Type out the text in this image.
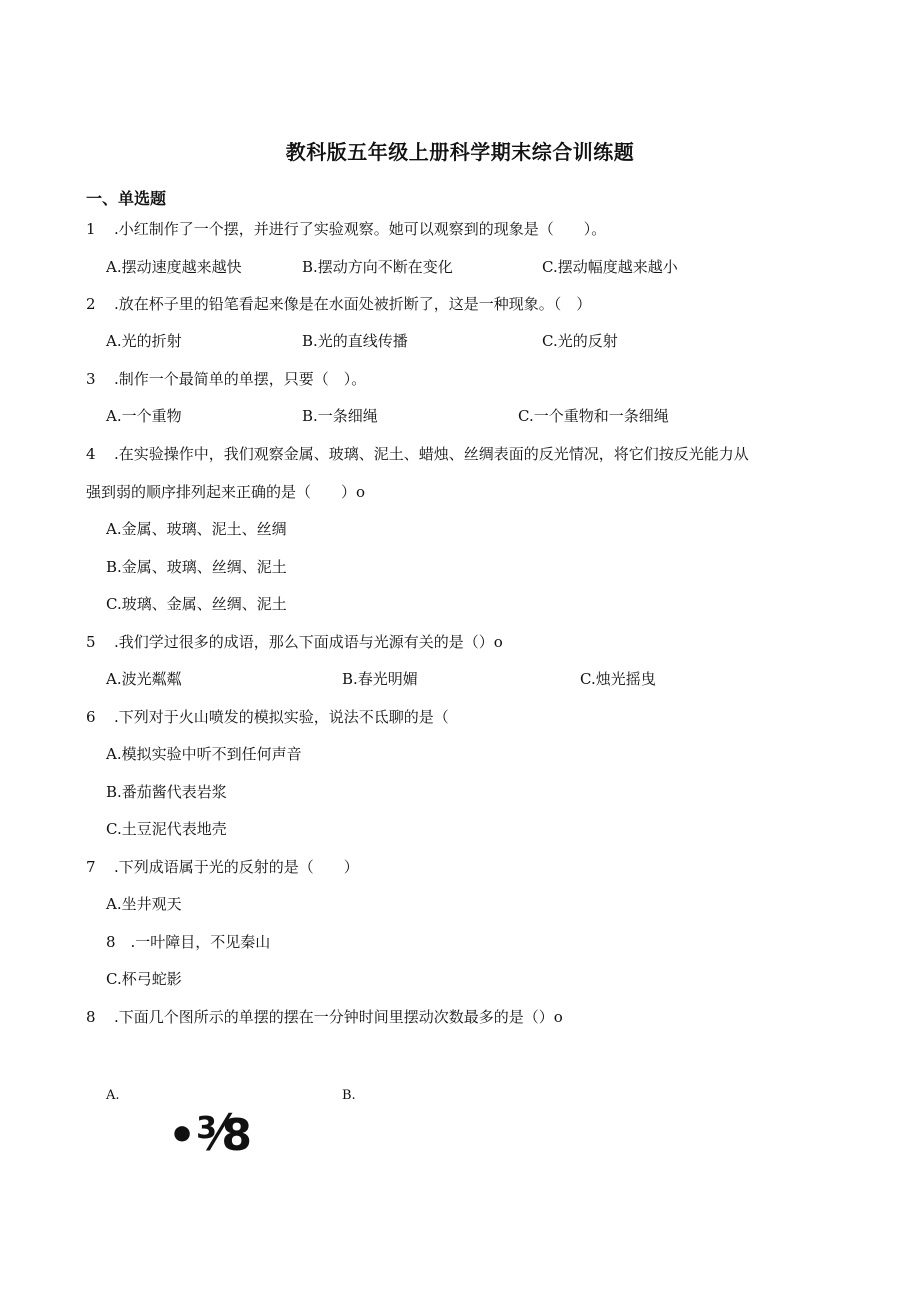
教科版五年级上册科学期末综合训练题
一、单选题
1 .小红制作了一个摆，并进行了实验观察。她可以观察到的现象是（　　）。
A.摆动速度越来越快	B.摆动方向不断在变化	C.摆动幅度越来越小
2 .放在杯子里的铅笔看起来像是在水面处被折断了，这是一种现象。（　）
A.光的折射	B.光的直线传播	C.光的反射
3 .制作一个最简单的单摆，只要（　）。
A.一个重物	B.一条细绳	C.一个重物和一条细绳
4 .在实验操作中，我们观察金属、玻璃、泥土、蜡烛、丝绸表面的反光情况，将它们按反光能力从
强到弱的顺序排列起来正确的是（　　）o
A.金属、玻璃、泥土、丝绸
B.金属、玻璃、丝绸、泥土
C.玻璃、金属、丝绸、泥土
5 .我们学过很多的成语，那么下面成语与光源有关的是（）o
A.波光粼粼	B.春光明媚	C.烛光摇曳
6 .下列对于火山喷发的模拟实验，说法不氐聊的是（
A.模拟实验中听不到任何声音
B.番茄酱代表岩浆
C.土豆泥代表地壳
7 .下列成语属于光的反射的是（　　）
A.坐井观天
8　.一叶障目，不见秦山
C.杯弓蛇影
8 .下面几个图所示的单摆的摆在一分钟时间里摆动次数最多的是（）o
A.	B.
• 3
⁄
8
